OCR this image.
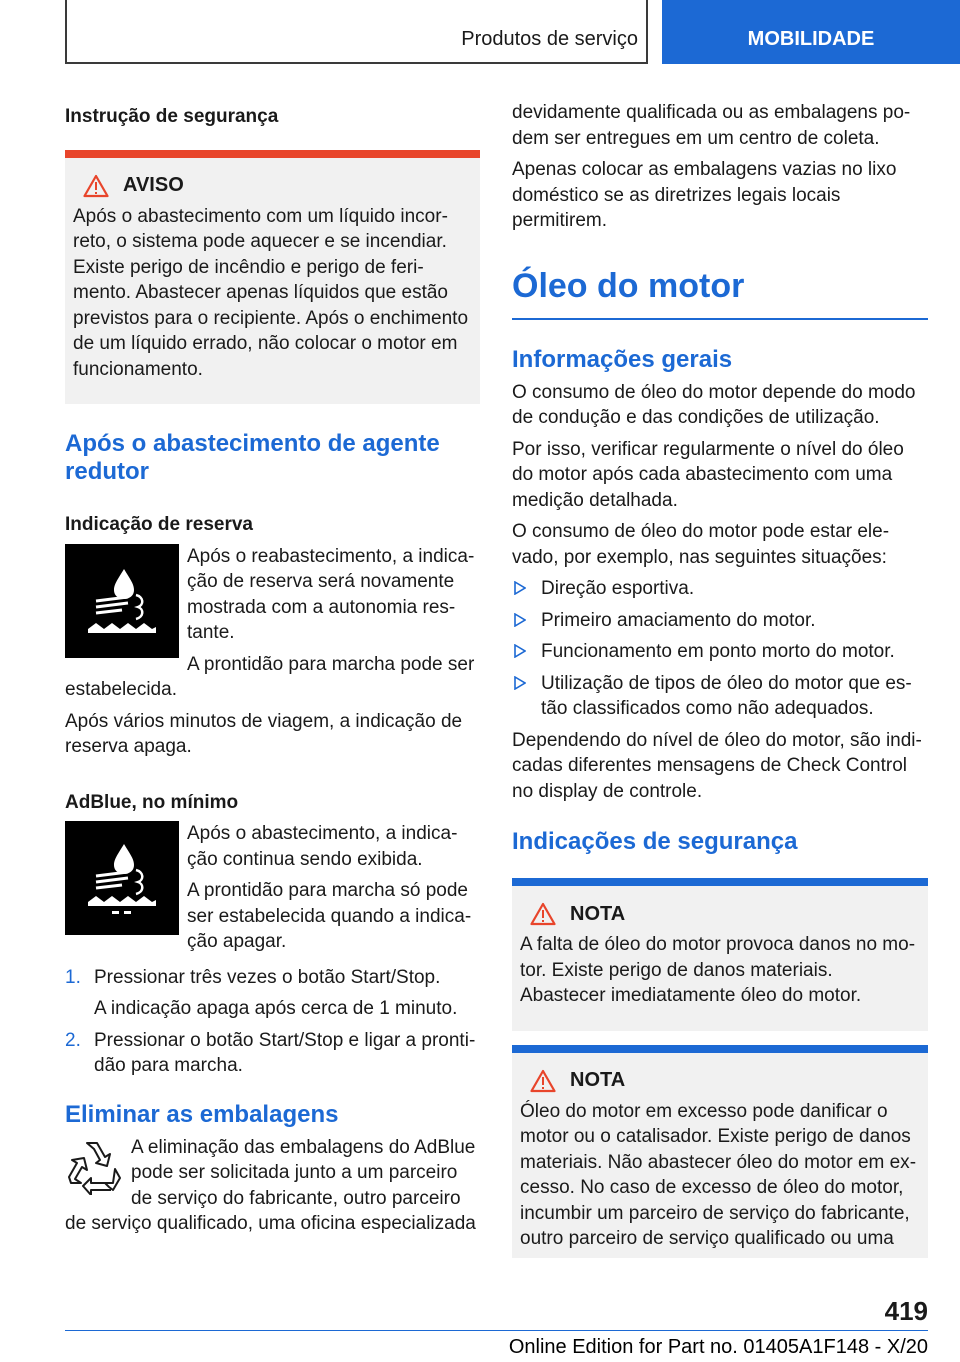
Produtos de serviço	MOBILIDADE

Instrução de segurança

AVISO

Após o abastecimento com um líquido incorreto, o sistema pode aquecer e se incendiar. Existe perigo de incêndio e perigo de ferimento. Abastecer apenas líquidos que estão previstos para o recipiente. Após o enchimento de um líquido errado, não colocar o motor em funcionamento.

Após o abastecimento de agente redutor

Indicação de reserva

Após o reabastecimento, a indicação de reserva será novamente mostrada com a autonomia restante.

A prontidão para marcha pode ser estabelecida.

Após vários minutos de viagem, a indicação de reserva apaga.

AdBlue, no mínimo

Após o abastecimento, a indicação continua sendo exibida.

A prontidão para marcha só pode ser estabelecida quando a indicação apagar.

1. Pressionar três vezes o botão Start/Stop.

A indicação apaga após cerca de 1 minuto.

2. Pressionar o botão Start/Stop e ligar a prontidão para marcha.

Eliminar as embalagens

A eliminação das embalagens do AdBlue pode ser solicitada junto a um parceiro de serviço do fabricante, outro parceiro de serviço qualificado, uma oficina especializada

devidamente qualificada ou as embalagens podem ser entregues em um centro de coleta.

Apenas colocar as embalagens vazias no lixo doméstico se as diretrizes legais locais permitirem.

Óleo do motor

Informações gerais

O consumo de óleo do motor depende do modo de condução e das condições de utilização.

Por isso, verificar regularmente o nível do óleo do motor após cada abastecimento com uma medição detalhada.

O consumo de óleo do motor pode estar elevado, por exemplo, nas seguintes situações:

Direção esportiva.
Primeiro amaciamento do motor.
Funcionamento em ponto morto do motor.
Utilização de tipos de óleo do motor que estão classificados como não adequados.

Dependendo do nível de óleo do motor, são indicadas diferentes mensagens de Check Control no display de controle.

Indicações de segurança

NOTA

A falta de óleo do motor provoca danos no motor. Existe perigo de danos materiais. Abastecer imediatamente óleo do motor.

NOTA

Óleo do motor em excesso pode danificar o motor ou o catalisador. Existe perigo de danos materiais. Não abastecer óleo do motor em excesso. No caso de excesso de óleo do motor, incumbir um parceiro de serviço do fabricante, outro parceiro de serviço qualificado ou uma

419
Online Edition for Part no. 01405A1F148 - X/20
